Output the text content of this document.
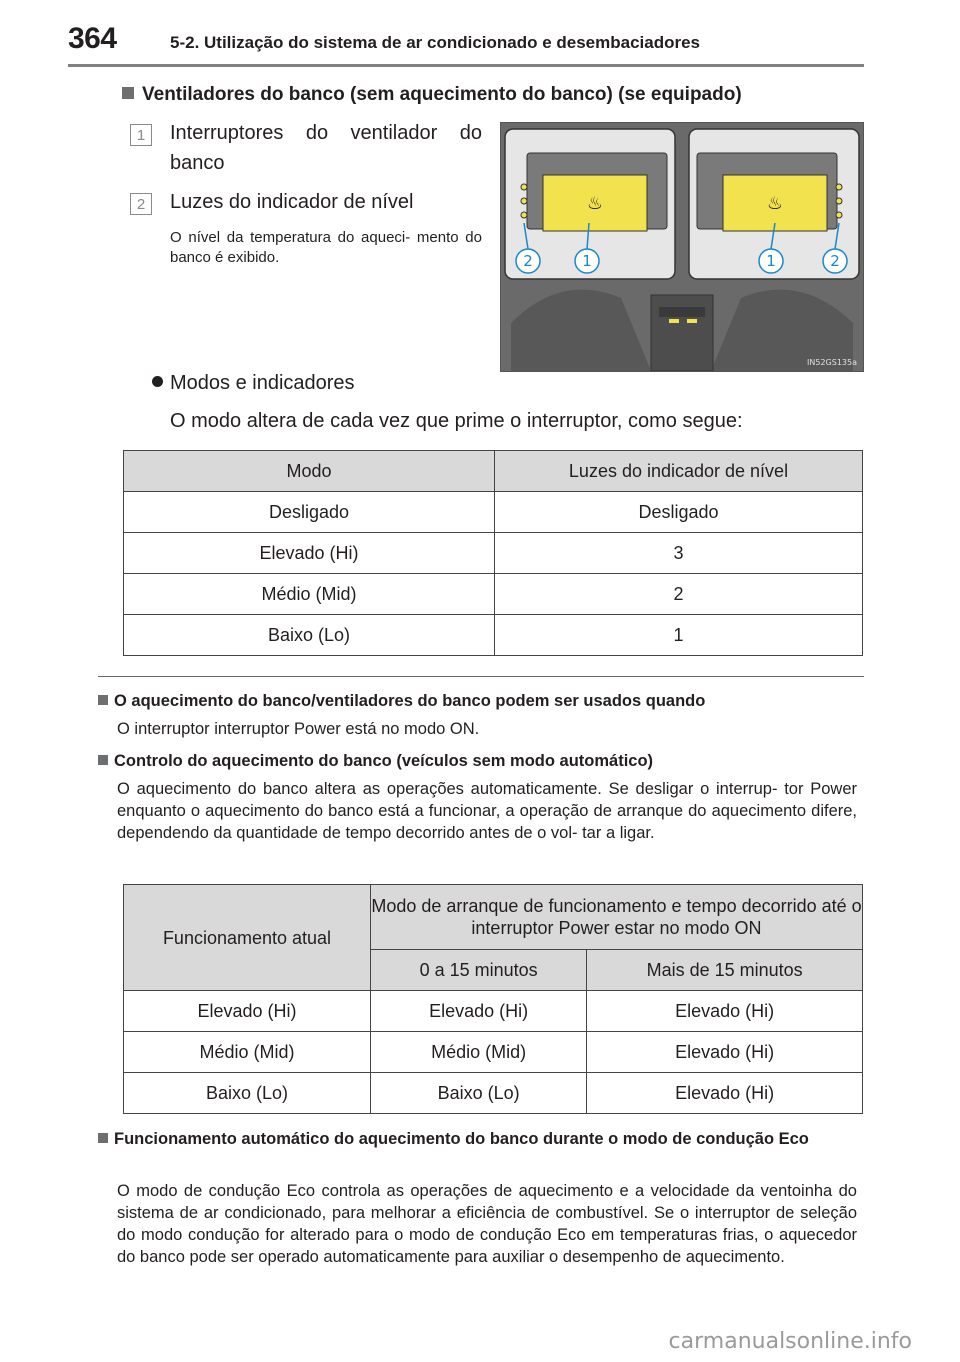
364	5-2. Utilização do sistema de ar condicionado e desembaciadores
Ventiladores do banco (sem aquecimento do banco) (se equipado)
1	Interruptores do ventilador do banco
2	Luzes do indicador de nível
O nível da temperatura do aqueci- mento do banco é exibido.
♨	♨
2	1	1	2
IN52GS135a
Modos e indicadores
O modo altera de cada vez que prime o interruptor, como segue:
Modo	Luzes do indicador de nível
Desligado	Desligado
Elevado (Hi)	3
Médio (Mid)	2
Baixo (Lo)	1
O aquecimento do banco/ventiladores do banco podem ser usados quando
O interruptor interruptor Power está no modo ON.
Controlo do aquecimento do banco (veículos sem modo automático)
O aquecimento do banco altera as operações automaticamente. Se desligar o interrup- tor Power enquanto o aquecimento do banco está a funcionar, a operação de arranque do aquecimento difere, dependendo da quantidade de tempo decorrido antes de o vol- tar a ligar.
Funcionamento atual	Modo de arranque de funcionamento e tempo decorrido até o interruptor Power estar no modo ON	
	0 a 15 minutos	Mais de 15 minutos
Elevado (Hi)	Elevado (Hi)	Elevado (Hi)
Médio (Mid)	Médio (Mid)	Elevado (Hi)
Baixo (Lo)	Baixo (Lo)	Elevado (Hi)
Funcionamento automático do aquecimento do banco durante o modo de condução Eco
O modo de condução Eco controla as operações de aquecimento e a velocidade da ventoinha do sistema de ar condicionado, para melhorar a eficiência de combustível. Se o interruptor de seleção do modo condução for alterado para o modo de condução Eco em temperaturas frias, o aquecedor do banco pode ser operado automaticamente para auxiliar o desempenho de aquecimento.
carmanualsonline.info
